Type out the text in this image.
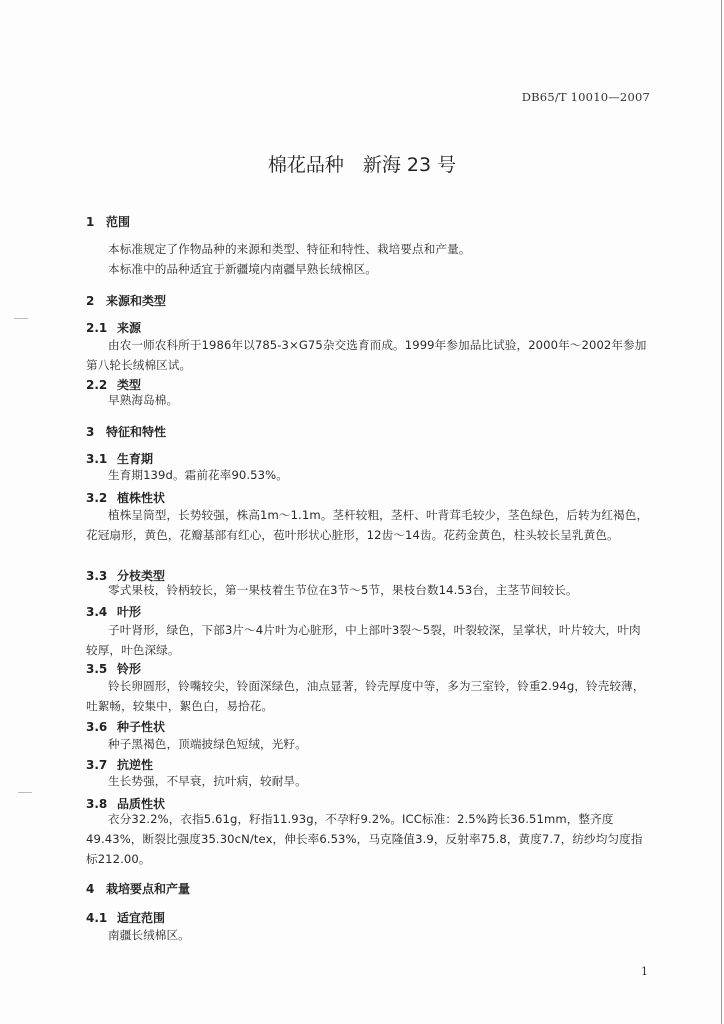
DB65/T 10010—2007
棉花品种　新海 23 号
1 范围
本标准规定了作物品种的来源和类型、特征和特性、栽培要点和产量。
本标准中的品种适宜于新疆境内南疆早熟长绒棉区。
2 来源和类型
2.1 来源
由农一师农科所于1986年以785-3×G75杂交选育而成。1999年参加品比试验，2000年～2002年参加第八轮长绒棉区试。
2.2 类型
早熟海岛棉。
3 特征和特性
3.1 生育期
生育期139d。霜前花率90.53%。
3.2 植株性状
植株呈筒型，长势较强，株高1m～1.1m。茎杆较粗，茎杆、叶背茸毛较少，茎色绿色，后转为红褐色，花冠扇形，黄色，花瓣基部有红心，苞叶形状心脏形，12齿～14齿。花药金黄色，柱头较长呈乳黄色。
3.3 分枝类型
零式果枝，铃柄较长，第一果枝着生节位在3节～5节，果枝台数14.53台，主茎节间较长。
3.4 叶形
子叶肾形，绿色，下部3片～4片叶为心脏形，中上部叶3裂～5裂，叶裂较深，呈掌状，叶片较大，叶肉较厚，叶色深绿。
3.5 铃形
铃长卵圆形，铃嘴较尖，铃面深绿色，油点显著，铃壳厚度中等，多为三室铃，铃重2.94g，铃壳较薄，吐絮畅，较集中，絮色白，易拾花。
3.6 种子性状
种子黑褐色，顶端披绿色短绒，光籽。
3.7 抗逆性
生长势强，不早衰，抗叶病，较耐旱。
3.8 品质性状
衣分32.2%，衣指5.61g，籽指11.93g，不孕籽9.2%。ICC标准：2.5%跨长36.51mm，整齐度49.43%，断裂比强度35.30cN/tex，伸长率6.53%，马克隆值3.9，反射率75.8，黄度7.7，纺纱均匀度指标212.00。
4 栽培要点和产量
4.1 适宜范围
南疆长绒棉区。
1
